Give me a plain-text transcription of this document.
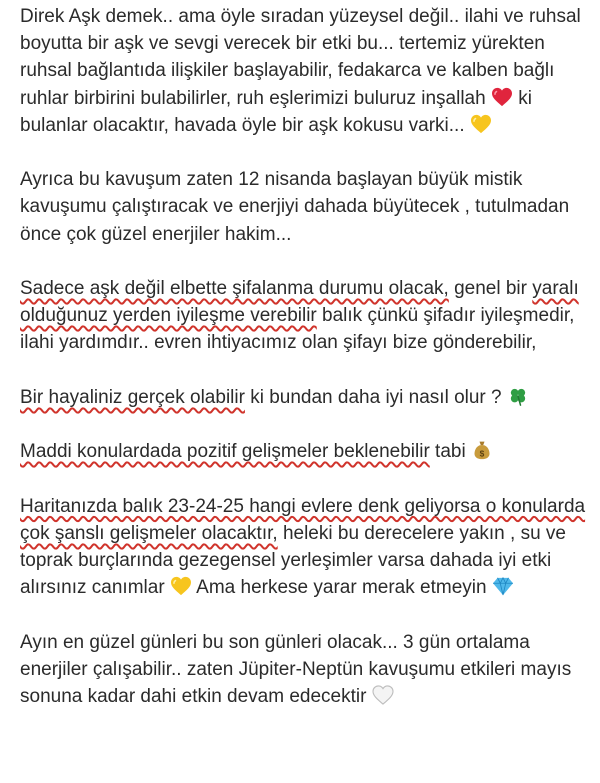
Direk Aşk demek.. ama öyle sıradan yüzeysel değil.. ilahi ve ruhsal boyutta bir aşk ve sevgi verecek bir etki bu... tertemiz yürekten ruhsal bağlantıda ilişkiler başlayabilir, fedakarca ve kalben bağlı ruhlar birbirini bulabilirler, ruh eşlerimizi buluruz inşallah
ki bulanlar olacaktır, havada öyle bir aşk kokusu varki...

Ayrıca bu kavuşum zaten 12 nisanda başlayan büyük mistik kavuşumu çalıştıracak ve enerjiyi dahada büyütecek , tutulmadan önce çok güzel enerjiler hakim...

Sadece aşk değil elbette şifalanma durumu olacak, genel bir yaralı olduğunuz yerden iyileşme verebilir balık çünkü şifadır iyileşmedir, ilahi yardımdır.. evren ihtiyacımız olan şifayı bize gönderebilir,

Bir hayaliniz gerçek olabilir ki bundan daha iyi nasıl olur ?

Maddi konulardada pozitif gelişmeler beklenebilir tabi $

Haritanızda balık 23-24-25 hangi evlere denk geliyorsa o konularda çok şanslı gelişmeler olacaktır, heleki bu derecelere yakın , su ve toprak burçlarında gezegensel yerleşimler varsa dahada iyi etki alırsınız canımlar
Ama herkese yarar merak etmeyin

Ayın en güzel günleri bu son günleri olacak... 3 gün ortalama enerjiler çalışabilir.. zaten Jüpiter-Neptün kavuşumu etkileri mayıs sonuna kadar dahi etkin devam edecektir
